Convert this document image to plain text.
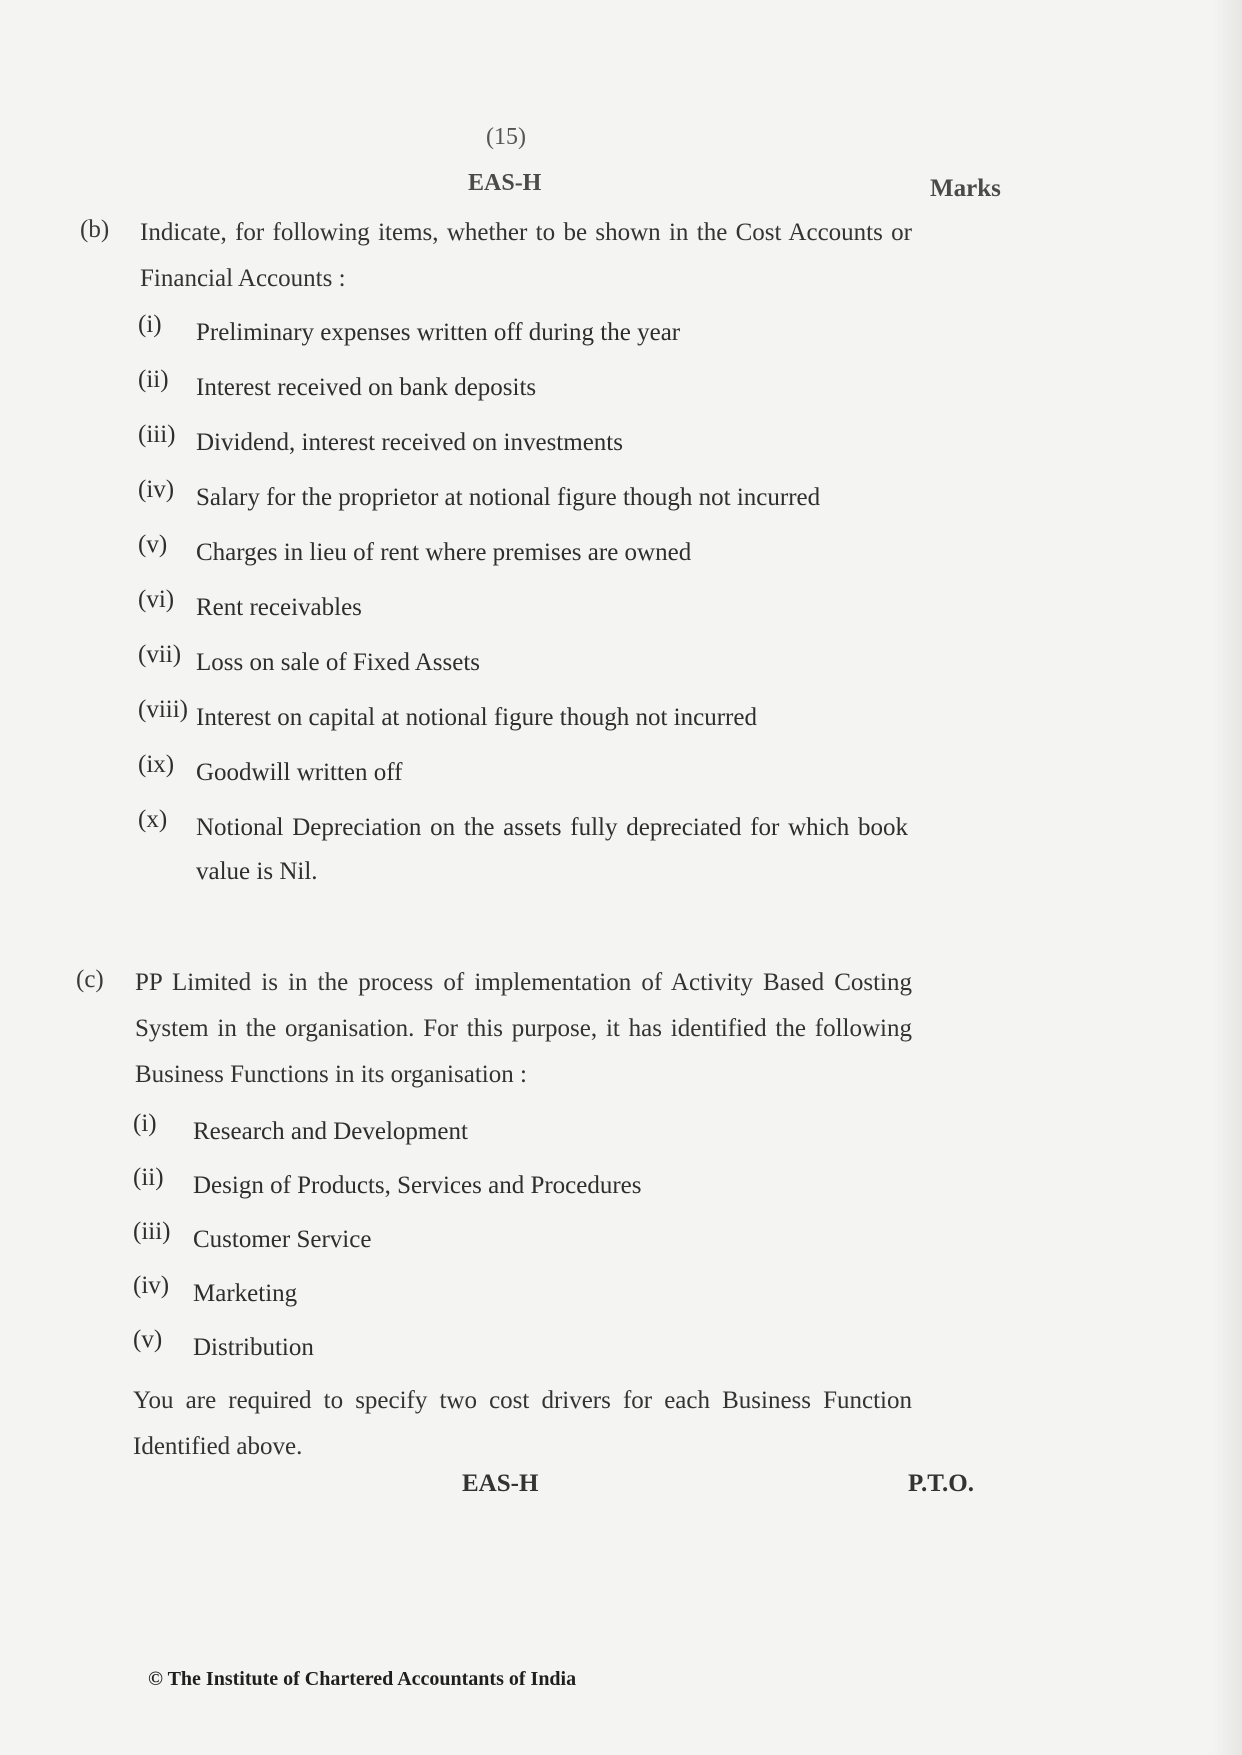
(15)
EAS-H	Marks
(b) Indicate, for following items, whether to be shown in the Cost Accounts or Financial Accounts :
(i) Preliminary expenses written off during the year
(ii) Interest received on bank deposits
(iii) Dividend, interest received on investments
(iv) Salary for the proprietor at notional figure though not incurred
(v) Charges in lieu of rent where premises are owned
(vi) Rent receivables
(vii) Loss on sale of Fixed Assets
(viii) Interest on capital at notional figure though not incurred
(ix) Goodwill written off
(x) Notional Depreciation on the assets fully depreciated for which book value is Nil.
(c) PP Limited is in the process of implementation of Activity Based Costing System in the organisation. For this purpose, it has identified the following Business Functions in its organisation :
(i) Research and Development
(ii) Design of Products, Services and Procedures
(iii) Customer Service
(iv) Marketing
(v) Distribution
You are required to specify two cost drivers for each Business Function Identified above.
EAS-H	P.T.O.
© The Institute of Chartered Accountants of India
